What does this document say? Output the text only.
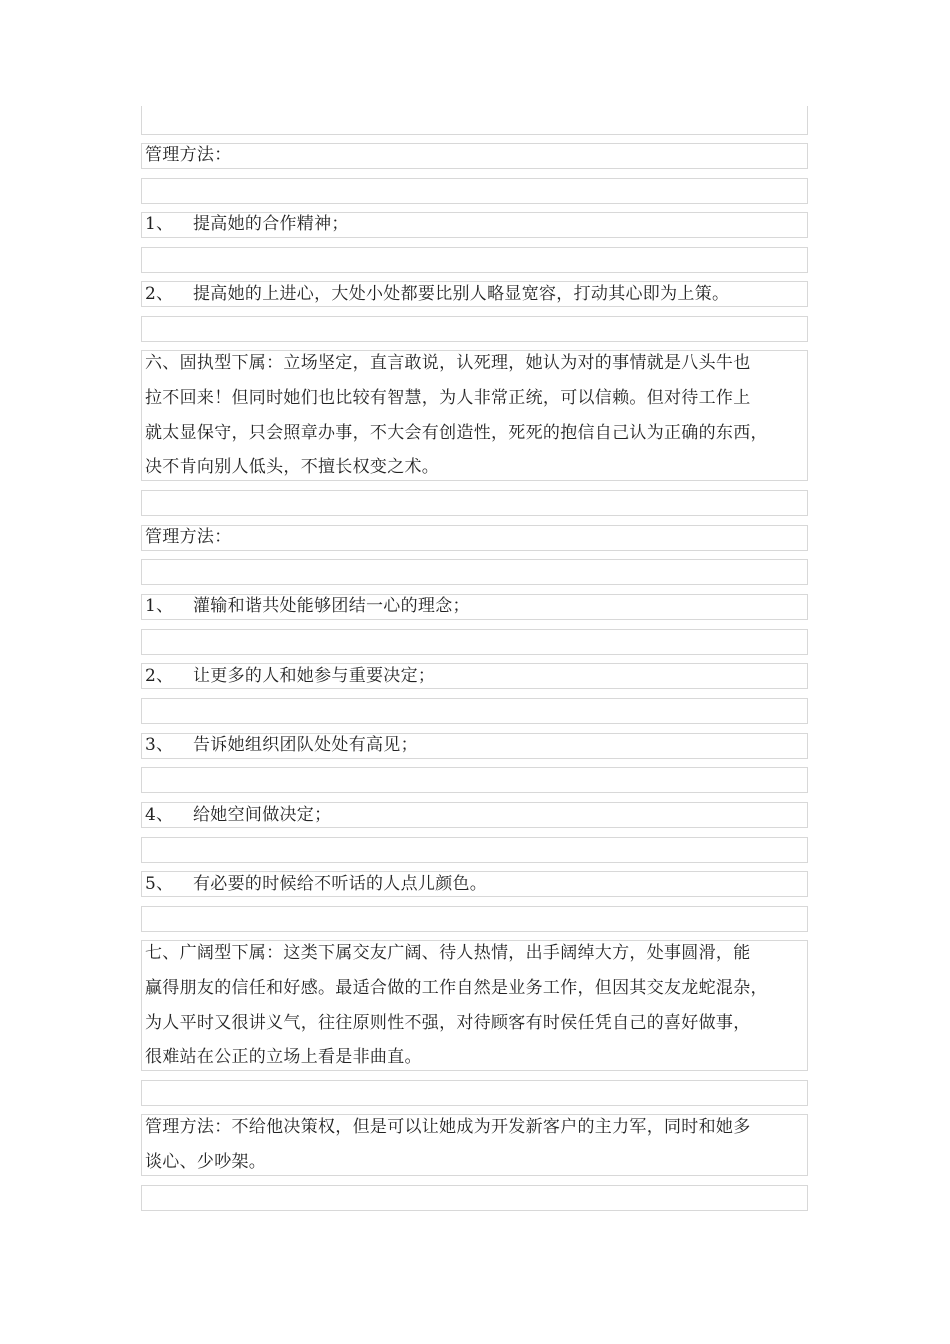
管理方法：
1、 提高她的合作精神；
2、 提高她的上进心，大处小处都要比别人略显宽容，打动其心即为上策。
六、固执型下属：立场坚定，直言敢说，认死理，她认为对的事情就是八头牛也
拉不回来！但同时她们也比较有智慧，为人非常正统，可以信赖。但对待工作上
就太显保守，只会照章办事，不大会有创造性，死死的抱信自己认为正确的东西，
决不肯向别人低头，不擅长权变之术。
管理方法：
1、 灌输和谐共处能够团结一心的理念；
2、 让更多的人和她参与重要决定；
3、 告诉她组织团队处处有高见；
4、 给她空间做决定；
5、 有必要的时候给不听话的人点儿颜色。
七、广阔型下属：这类下属交友广阔、待人热情，出手阔绰大方，处事圆滑，能
赢得朋友的信任和好感。最适合做的工作自然是业务工作，但因其交友龙蛇混杂，
为人平时又很讲义气，往往原则性不强，对待顾客有时侯任凭自己的喜好做事，
很难站在公正的立场上看是非曲直。
管理方法：不给他决策权，但是可以让她成为开发新客户的主力军，同时和她多
谈心、少吵架。
